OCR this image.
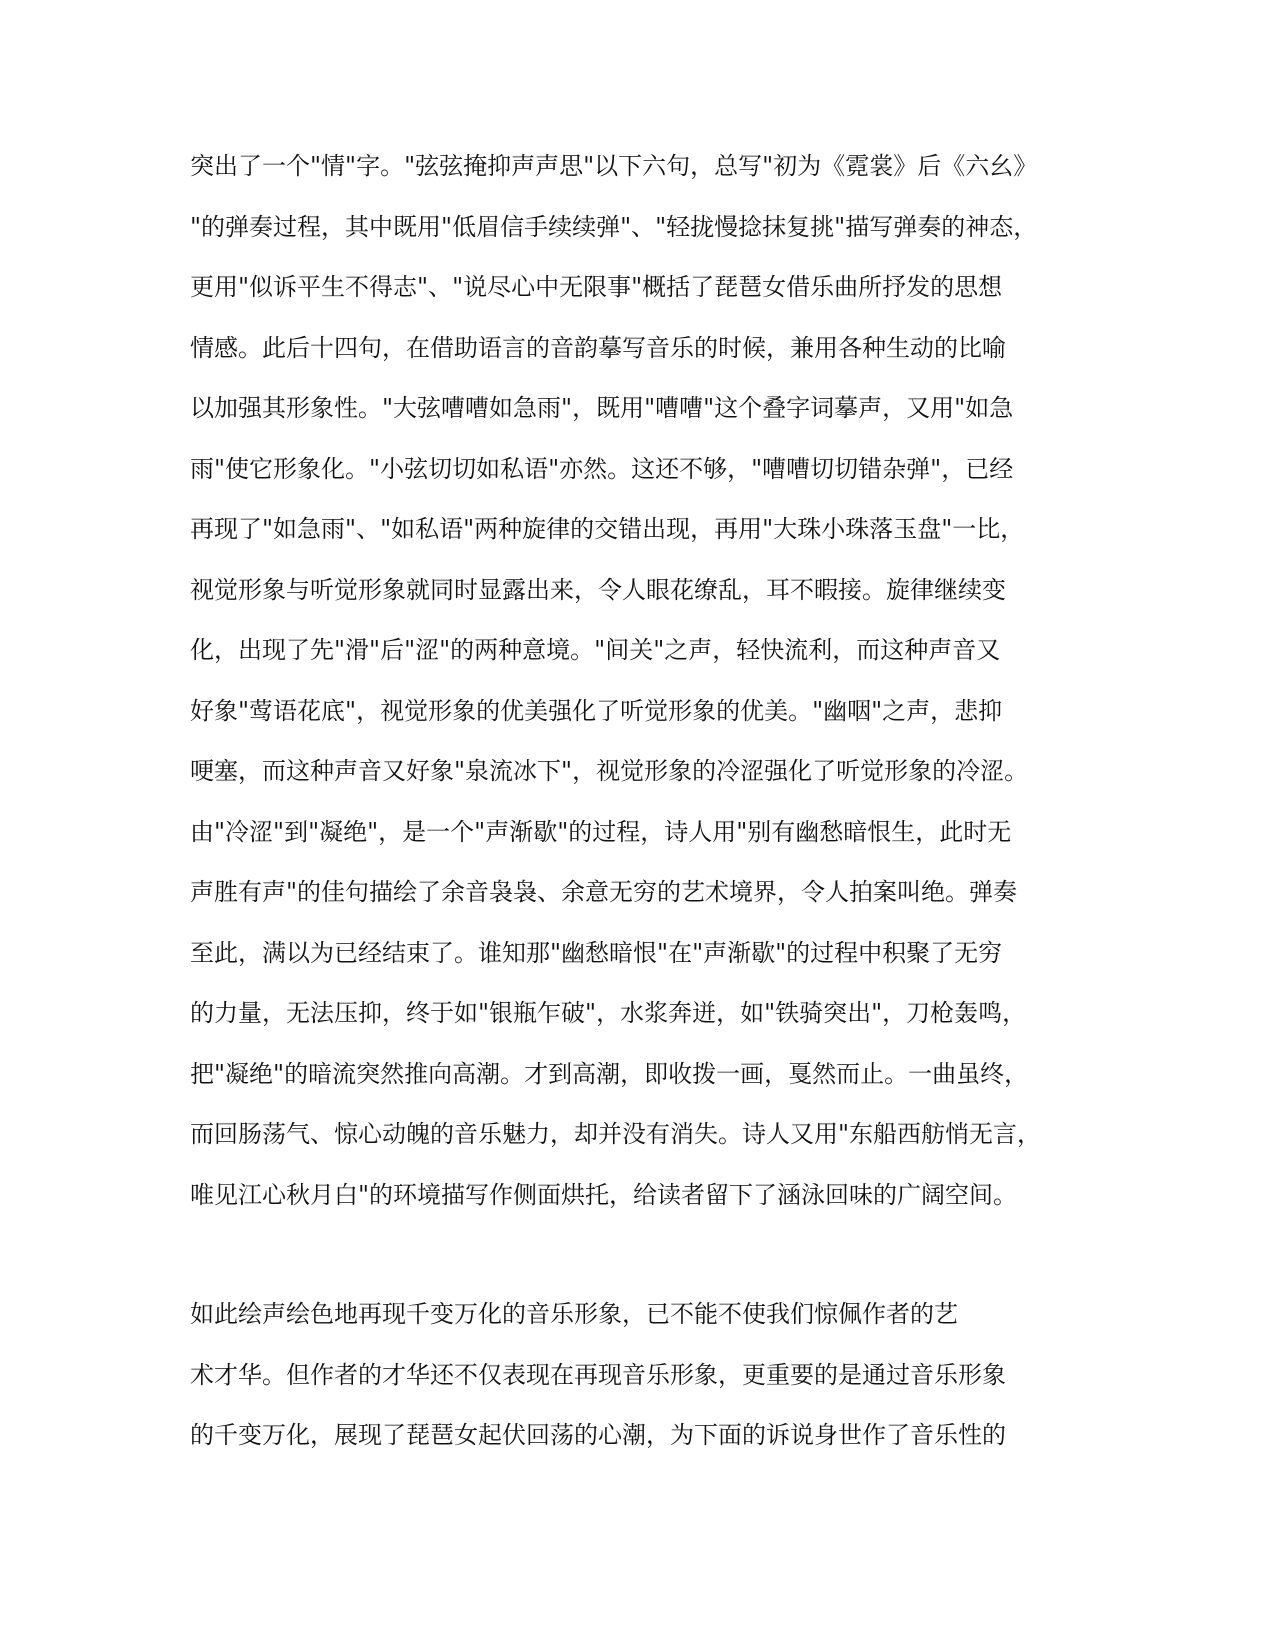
突出了一个"情"字。"弦弦掩抑声声思"以下六句，总写"初为《霓裳》后《六幺》
"的弹奏过程，其中既用"低眉信手续续弹"、"轻拢慢捻抹复挑"描写弹奏的神态，
更用"似诉平生不得志"、"说尽心中无限事"概括了琵琶女借乐曲所抒发的思想
情感。此后十四句，在借助语言的音韵摹写音乐的时候，兼用各种生动的比喻
以加强其形象性。"大弦嘈嘈如急雨"，既用"嘈嘈"这个叠字词摹声，又用"如急
雨"使它形象化。"小弦切切如私语"亦然。这还不够，"嘈嘈切切错杂弹"，已经
再现了"如急雨"、"如私语"两种旋律的交错出现，再用"大珠小珠落玉盘"一比，
视觉形象与听觉形象就同时显露出来，令人眼花缭乱，耳不暇接。旋律继续变
化，出现了先"滑"后"涩"的两种意境。"间关"之声，轻快流利，而这种声音又
好象"莺语花底"，视觉形象的优美强化了听觉形象的优美。"幽咽"之声，悲抑
哽塞，而这种声音又好象"泉流冰下"，视觉形象的冷涩强化了听觉形象的冷涩。
由"冷涩"到"凝绝"，是一个"声渐歇"的过程，诗人用"别有幽愁暗恨生，此时无
声胜有声"的佳句描绘了余音袅袅、余意无穷的艺术境界，令人拍案叫绝。弹奏
至此，满以为已经结束了。谁知那"幽愁暗恨"在"声渐歇"的过程中积聚了无穷
的力量，无法压抑，终于如"银瓶乍破"，水浆奔迸，如"铁骑突出"，刀枪轰鸣，
把"凝绝"的暗流突然推向高潮。才到高潮，即收拨一画，戛然而止。一曲虽终，
而回肠荡气、惊心动魄的音乐魅力，却并没有消失。诗人又用"东船西舫悄无言，
唯见江心秋月白"的环境描写作侧面烘托，给读者留下了涵泳回味的广阔空间。
如此绘声绘色地再现千变万化的音乐形象，已不能不使我们惊佩作者的艺
术才华。但作者的才华还不仅表现在再现音乐形象，更重要的是通过音乐形象
的千变万化，展现了琵琶女起伏回荡的心潮，为下面的诉说身世作了音乐性的
